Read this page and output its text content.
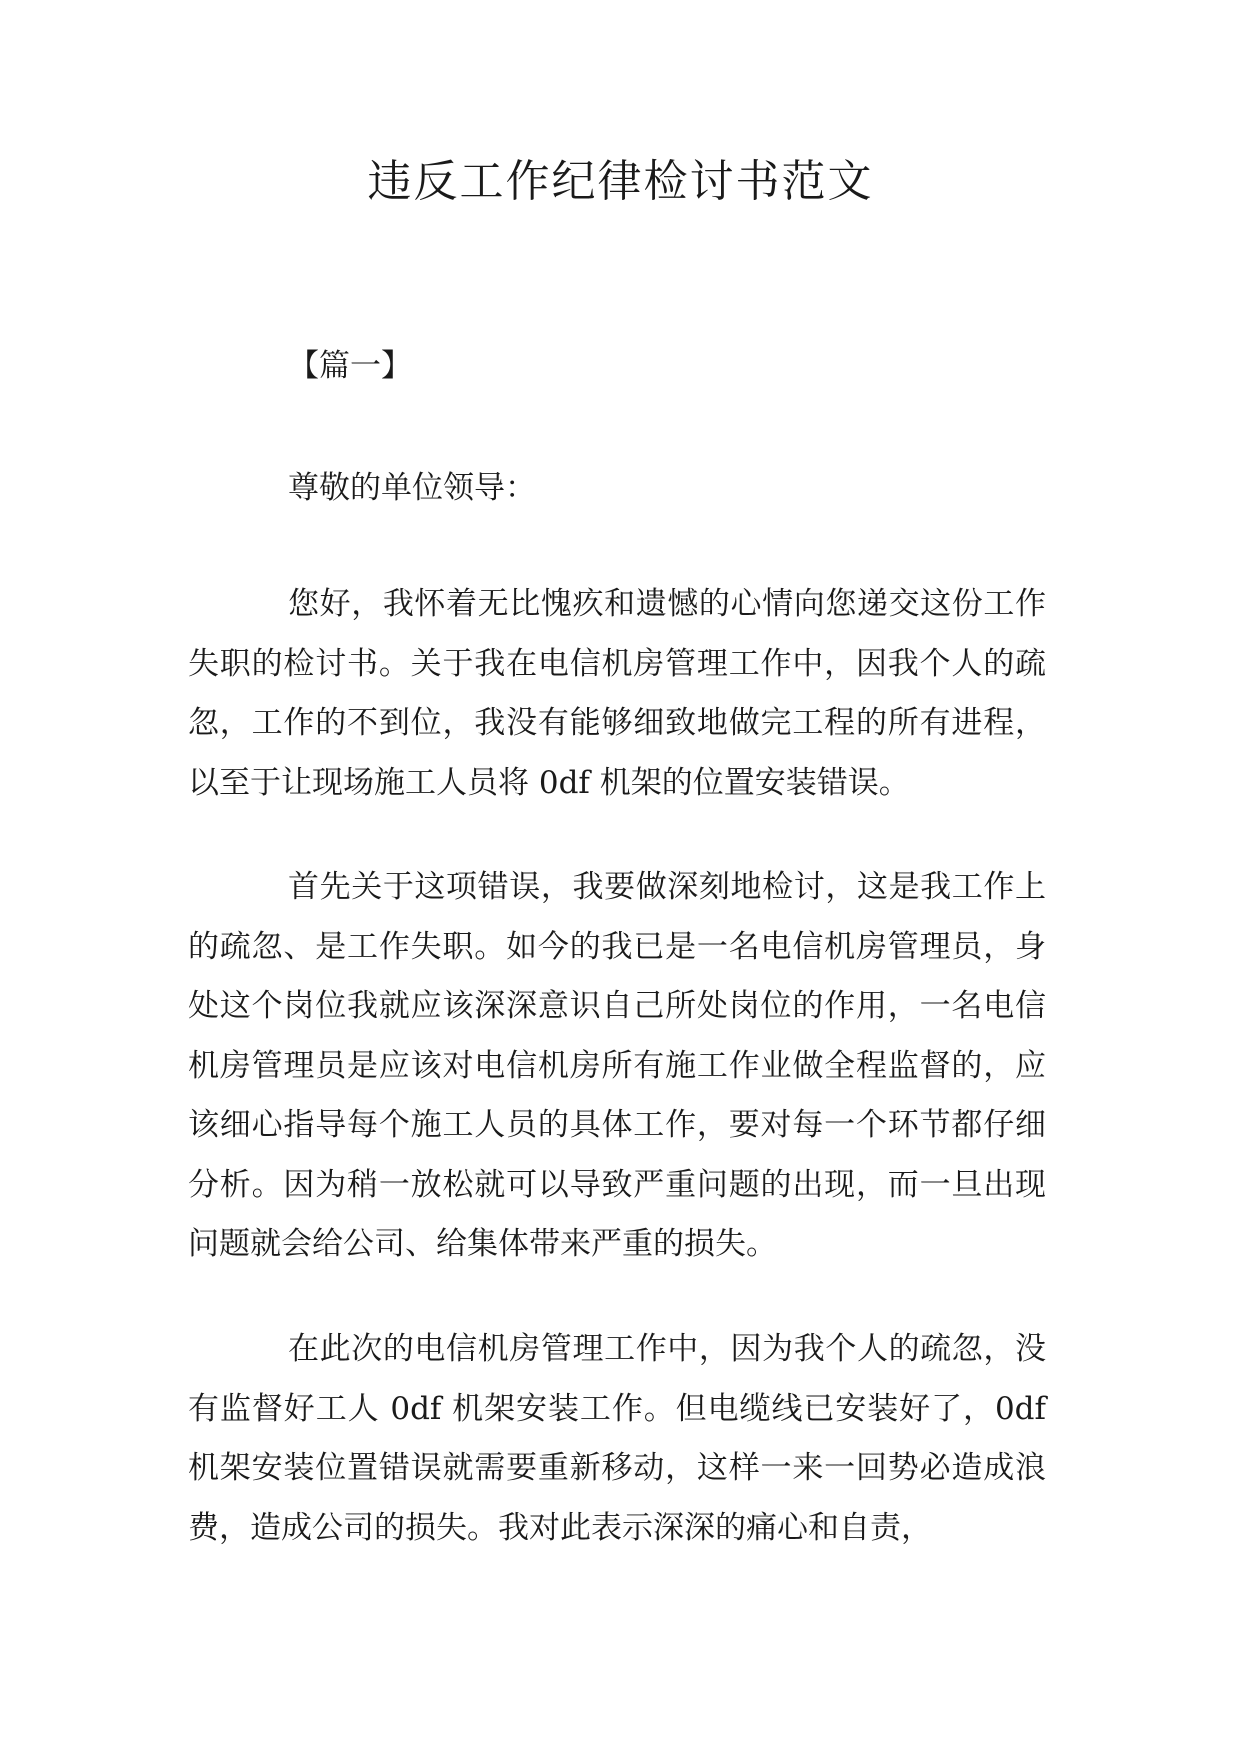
违反工作纪律检讨书范文

【篇一】

尊敬的单位领导：

您好，我怀着无比愧疚和遗憾的心情向您递交这份工作失职的检讨书。关于我在电信机房管理工作中，因我个人的疏忽，工作的不到位，我没有能够细致地做完工程的所有进程，以至于让现场施工人员将 0df 机架的位置安装错误。

首先关于这项错误，我要做深刻地检讨，这是我工作上的疏忽、是工作失职。如今的我已是一名电信机房管理员，身处这个岗位我就应该深深意识自己所处岗位的作用，一名电信机房管理员是应该对电信机房所有施工作业做全程监督的，应该细心指导每个施工人员的具体工作，要对每一个环节都仔细分析。因为稍一放松就可以导致严重问题的出现，而一旦出现问题就会给公司、给集体带来严重的损失。

在此次的电信机房管理工作中，因为我个人的疏忽，没有监督好工人 0df 机架安装工作。但电缆线已安装好了，0df 机架安装位置错误就需要重新移动，这样一来一回势必造成浪费，造成公司的损失。我对此表示深深的痛心和自责，
